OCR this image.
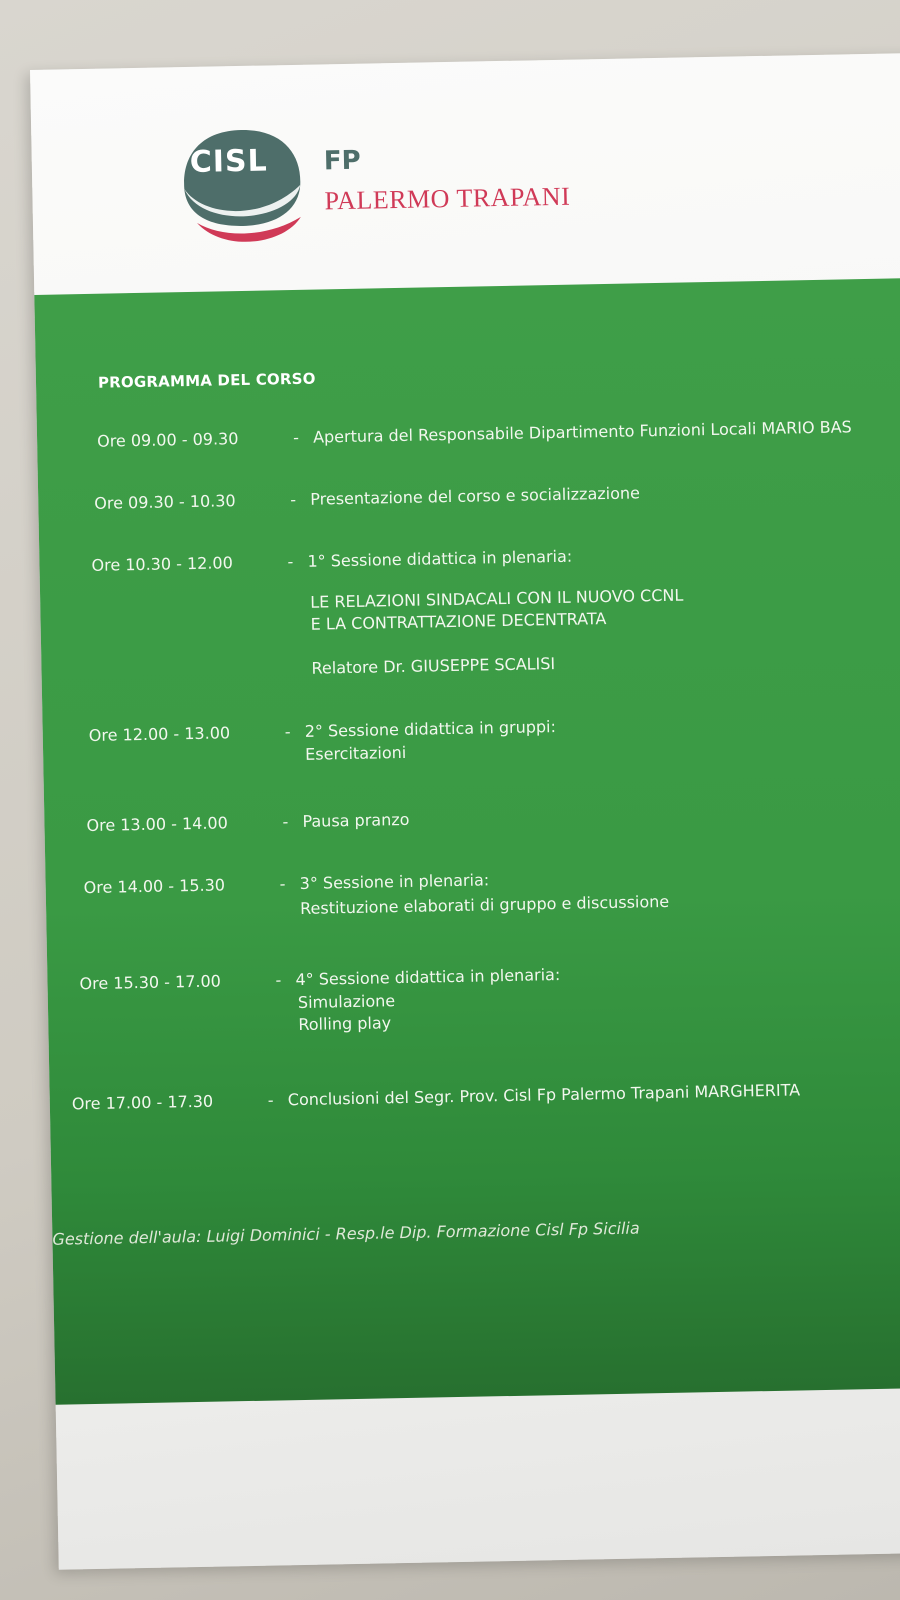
CISL FP
PALERMO TRAPANI
PROGRAMMA DEL CORSO
Ore 09.00 - 09.30	- Apertura del Responsabile Dipartimento Funzioni Locali MARIO BAS
Ore 09.30 - 10.30	- Presentazione del corso e socializzazione
Ore 10.30 - 12.00	- 1° Sessione didattica in plenaria:
LE RELAZIONI SINDACALI CON IL NUOVO CCNL
E LA CONTRATTAZIONE DECENTRATA
Relatore Dr. GIUSEPPE SCALISI
Ore 12.00 - 13.00	- 2° Sessione didattica in gruppi:
Esercitazioni
Ore 13.00 - 14.00	- Pausa pranzo
Ore 14.00 - 15.30	- 3° Sessione in plenaria:
Restituzione elaborati di gruppo e discussione
Ore 15.30 - 17.00	- 4° Sessione didattica in plenaria:
Simulazione
Rolling play
Ore 17.00 - 17.30	- Conclusioni del Segr. Prov. Cisl Fp Palermo Trapani MARGHERITA
Gestione dell'aula: Luigi Dominici - Resp.le Dip. Formazione Cisl Fp Sicilia
